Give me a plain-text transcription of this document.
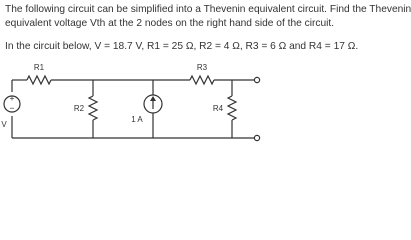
The following circuit can be simplified into a Thevenin equivalent circuit. Find the Thevenin
equivalent voltage Vth at the 2 nodes on the right hand side of the circuit.
In the circuit below, V = 18.7 V, R1 = 25 Ω, R2 = 4 Ω, R3 = 6 Ω and R4 = 17 Ω.
+
−
V
1 A
R1	R3
R2	R4
